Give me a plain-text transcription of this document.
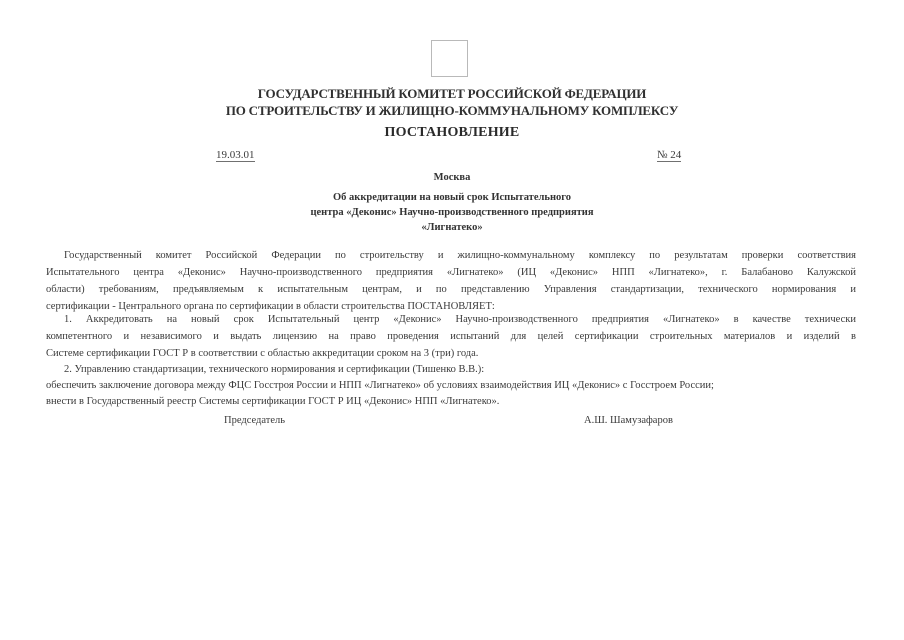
ГОСУДАРСТВЕННЫЙ КОМИТЕТ РОССИЙСКОЙ ФЕДЕРАЦИИ
ПО СТРОИТЕЛЬСТВУ И ЖИЛИЩНО-КОММУНАЛЬНОМУ КОМПЛЕКСУ
ПОСТАНОВЛЕНИЕ
19.03.01	№ 24
Москва
Об аккредитации на новый срок Испытательного
центра «Деконис» Научно-производственного предприятия
«Лигнатеко»
Государственный комитет Российской Федерации по строительству и жилищно-коммунальному комплексу по результатам проверки соответствия
Испытательного центра «Деконис» Научно-производственного предприятия «Лигнатеко» (ИЦ «Деконис» НПП «Лигнатеко», г. Балабаново Калужской
области) требованиям, предъявляемым к испытательным центрам, и по представлению Управления стандартизации, технического нормирования и
сертификации - Центрального органа по сертификации в области строительства ПОСТАНОВЛЯЕТ:
1. Аккредитовать на новый срок Испытательный центр «Деконис» Научно-производственного предприятия «Лигнатеко» в качестве технически
компетентного и независимого и выдать лицензию на право проведения испытаний для целей сертификации строительных материалов и изделий в
Системе сертификации ГОСТ Р в соответствии с областью аккредитации сроком на 3 (три) года.
2. Управлению стандартизации, технического нормирования и сертификации (Тишенко В.В.):
обеспечить заключение договора между ФЦС Госстроя России и НПП «Лигнатеко» об условиях взаимодействия ИЦ «Деконис» с Госстроем России;
внести в Государственный реестр Системы сертификации ГОСТ Р ИЦ «Деконис» НПП «Лигнатеко».
Председатель	А.Ш. Шамузафаров
